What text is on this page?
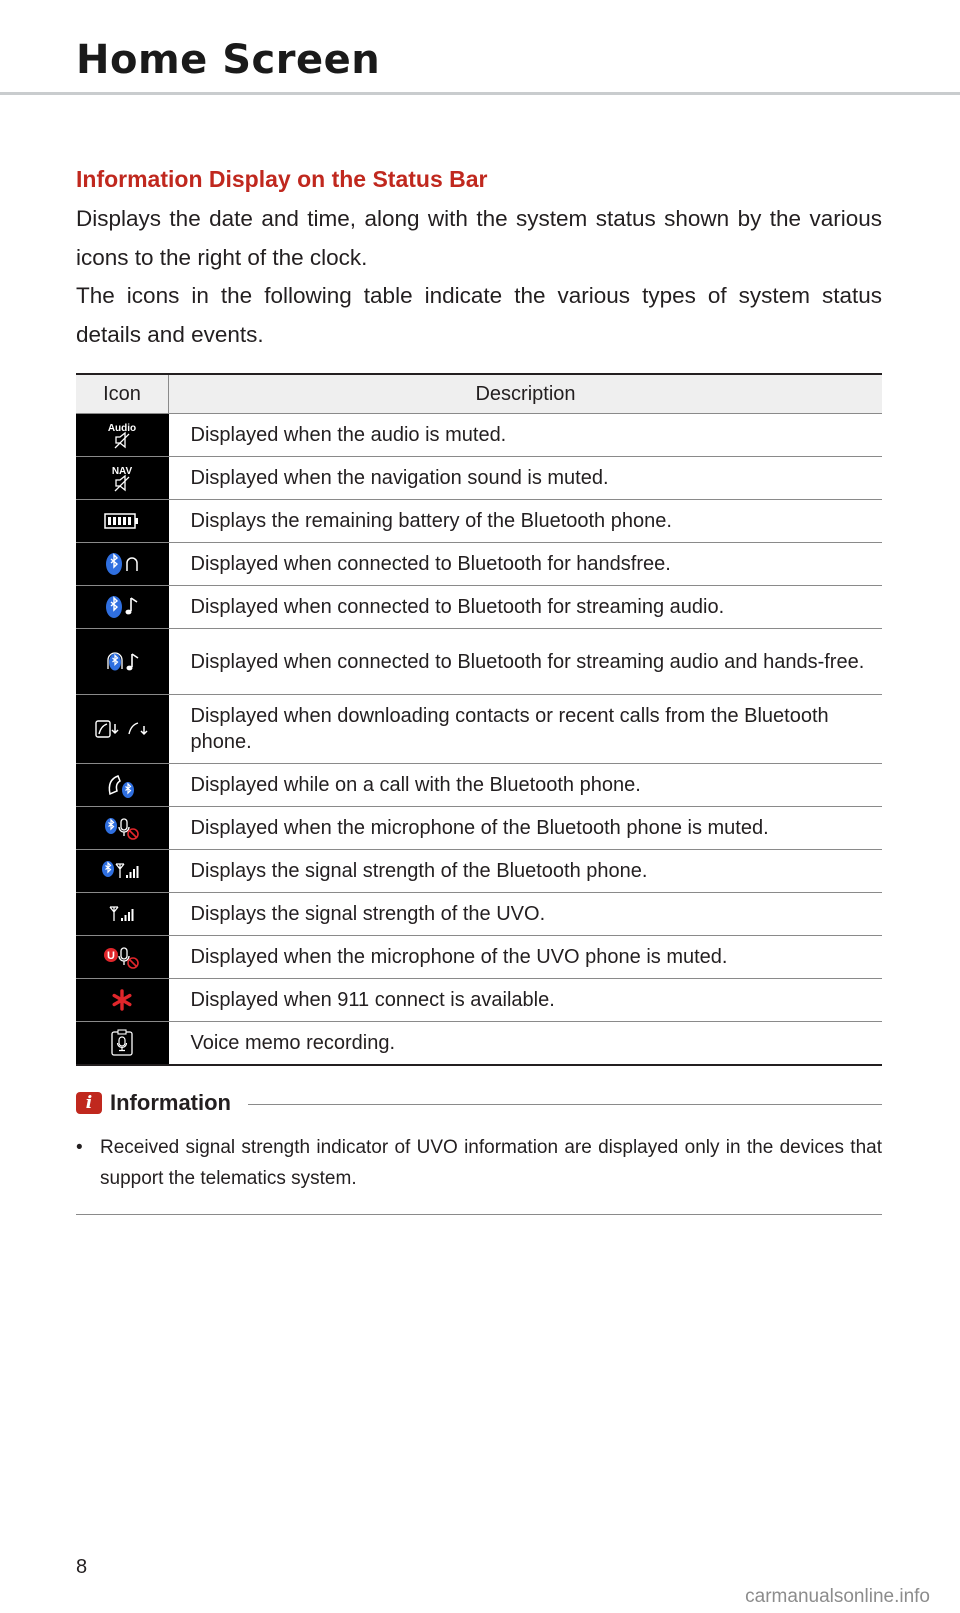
Home Screen
Information Display on the Status Bar

Displays the date and time, along with the system status shown by the various icons to the right of the clock.

The icons in the following table indicate the various types of system status details and events.

Icon	Description

Audio	Displayed when the audio is muted.

NAV	Displayed when the navigation sound is muted.

	Displays the remaining battery of the Bluetooth phone.

	Displayed when connected to Bluetooth for handsfree.

	Displayed when connected to Bluetooth for streaming audio.

	Displayed when connected to Bluetooth for streaming audio and hands-free.

	Displayed when downloading contacts or recent calls from the Bluetooth phone.

	Displayed while on a call with the Bluetooth phone.

	Displayed when the microphone of the Bluetooth phone is muted.

	Displays the signal strength of the Bluetooth phone.

	Displays the signal strength of the UVO.

U	Displayed when the microphone of the UVO phone is muted.

	Displayed when 911 connect is available.

	Voice memo recording.
i Information
• Received signal strength indicator of UVO information are displayed only in the devices that support the telematics system.
8
carmanualsonline.info
